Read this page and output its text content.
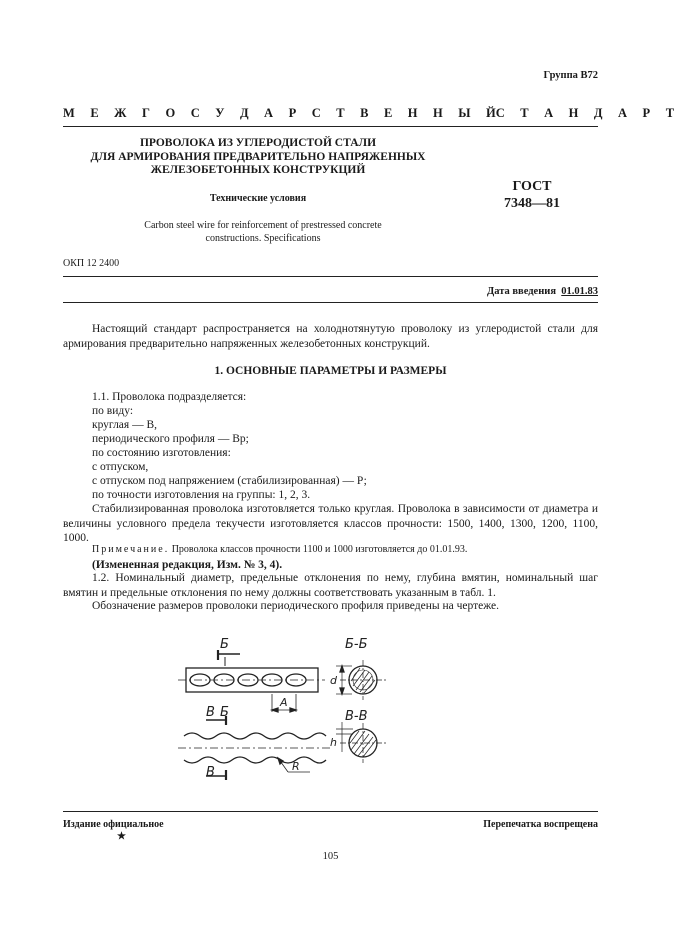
Группа В72
М Е Ж Г О С У Д А Р С Т В Е Н Н Ы Й С Т А Н Д А Р Т
ПРОВОЛОКА ИЗ УГЛЕРОДИСТОЙ СТАЛИ
ДЛЯ АРМИРОВАНИЯ ПРЕДВАРИТЕЛЬНО НАПРЯЖЕННЫХ
ЖЕЛЕЗОБЕТОННЫХ КОНСТРУКЦИЙ
Технические условия
Carbon steel wire for reinforcement of prestressed concrete
constructions. Specifications
ГОСТ
7348—81
ОКП 12 2400
Дата введения 01.01.83
Настоящий стандарт распространяется на холоднотянутую проволоку из углеродистой стали для армирования предварительно напряженных железобетонных конструкций.
1. ОСНОВНЫЕ ПАРАМЕТРЫ И РАЗМЕРЫ
1.1. Проволока подразделяется:
по виду:
круглая — В,
периодического профиля — Вр;
по состоянию изготовления:
с отпуском,
с отпуском под напряжением (стабилизированная) — Р;
по точности изготовления на группы: 1, 2, 3.
Стабилизированная проволока изготовляется только круглая. Проволока в зависимости от диаметра и величины условного предела текучести изготовляется классов прочности: 1500, 1400, 1300, 1200, 1100, 1000.
Примечание. Проволока классов прочности 1100 и 1000 изготовляется до 01.01.93.
(Измененная редакция, Изм. № 3, 4).
1.2. Номинальный диаметр, предельные отклонения по нему, глубина вмятин, номинальный шаг вмятин и предельные отклонения по нему должны соответствовать указанным в табл. 1.
Обозначение размеров проволоки периодического профиля приведены на чертеже.
Б	Б-Б
d
A
В Б
В
В-В
h
R
Издание официальное	Перепечатка воспрещена
★
105
